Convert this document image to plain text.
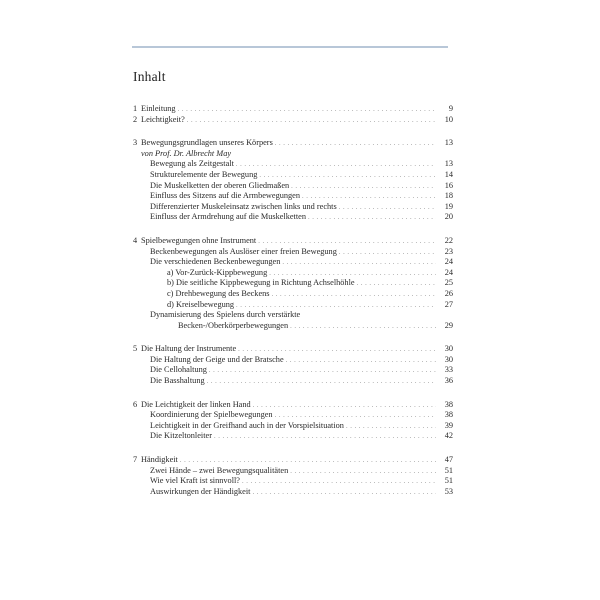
Inhalt
1 Einleitung . . .	9
2 Leichtigkeit? . . .	10
3 Bewegungsgrundlagen unseres Körpers . . .	13
von Prof. Dr. Albrecht May
Bewegung als Zeitgestalt . . .	13
Strukturelemente der Bewegung . . .	14
Die Muskelketten der oberen Gliedmaßen . . .	16
Einfluss des Sitzens auf die Armbewegungen . . .	18
Differenzierter Muskeleinsatz zwischen links und rechts . . .	19
Einfluss der Armdrehung auf die Muskelketten . . .	20
4 Spielbewegungen ohne Instrument . . .	22
Beckenbewegungen als Auslöser einer freien Bewegung . . .	23
Die verschiedenen Beckenbewegungen . . .	24
a) Vor-Zurück-Kippbewegung . . .	24
b) Die seitliche Kippbewegung in Richtung Achselhöhle . . .	25
c) Drehbewegung des Beckens . . .	26
d) Kreiselbewegung . . .	27
Dynamisierung des Spielens durch verstärkte
Becken-/Oberkörperbewegungen . . .	29
5 Die Haltung der Instrumente . . .	30
Die Haltung der Geige und der Bratsche . . .	30
Die Cellohaltung . . .	33
Die Basshaltung . . .	36
6 Die Leichtigkeit der linken Hand . . .	38
Koordinierung der Spielbewegungen . . .	38
Leichtigkeit in der Greifhand auch in der Vorspielsituation . . .	39
Die Kitzeltonleiter . . .	42
7 Händigkeit . . .	47
Zwei Hände – zwei Bewegungsqualitäten . . .	51
Wie viel Kraft ist sinnvoll? . . .	51
Auswirkungen der Händigkeit . . .	53
